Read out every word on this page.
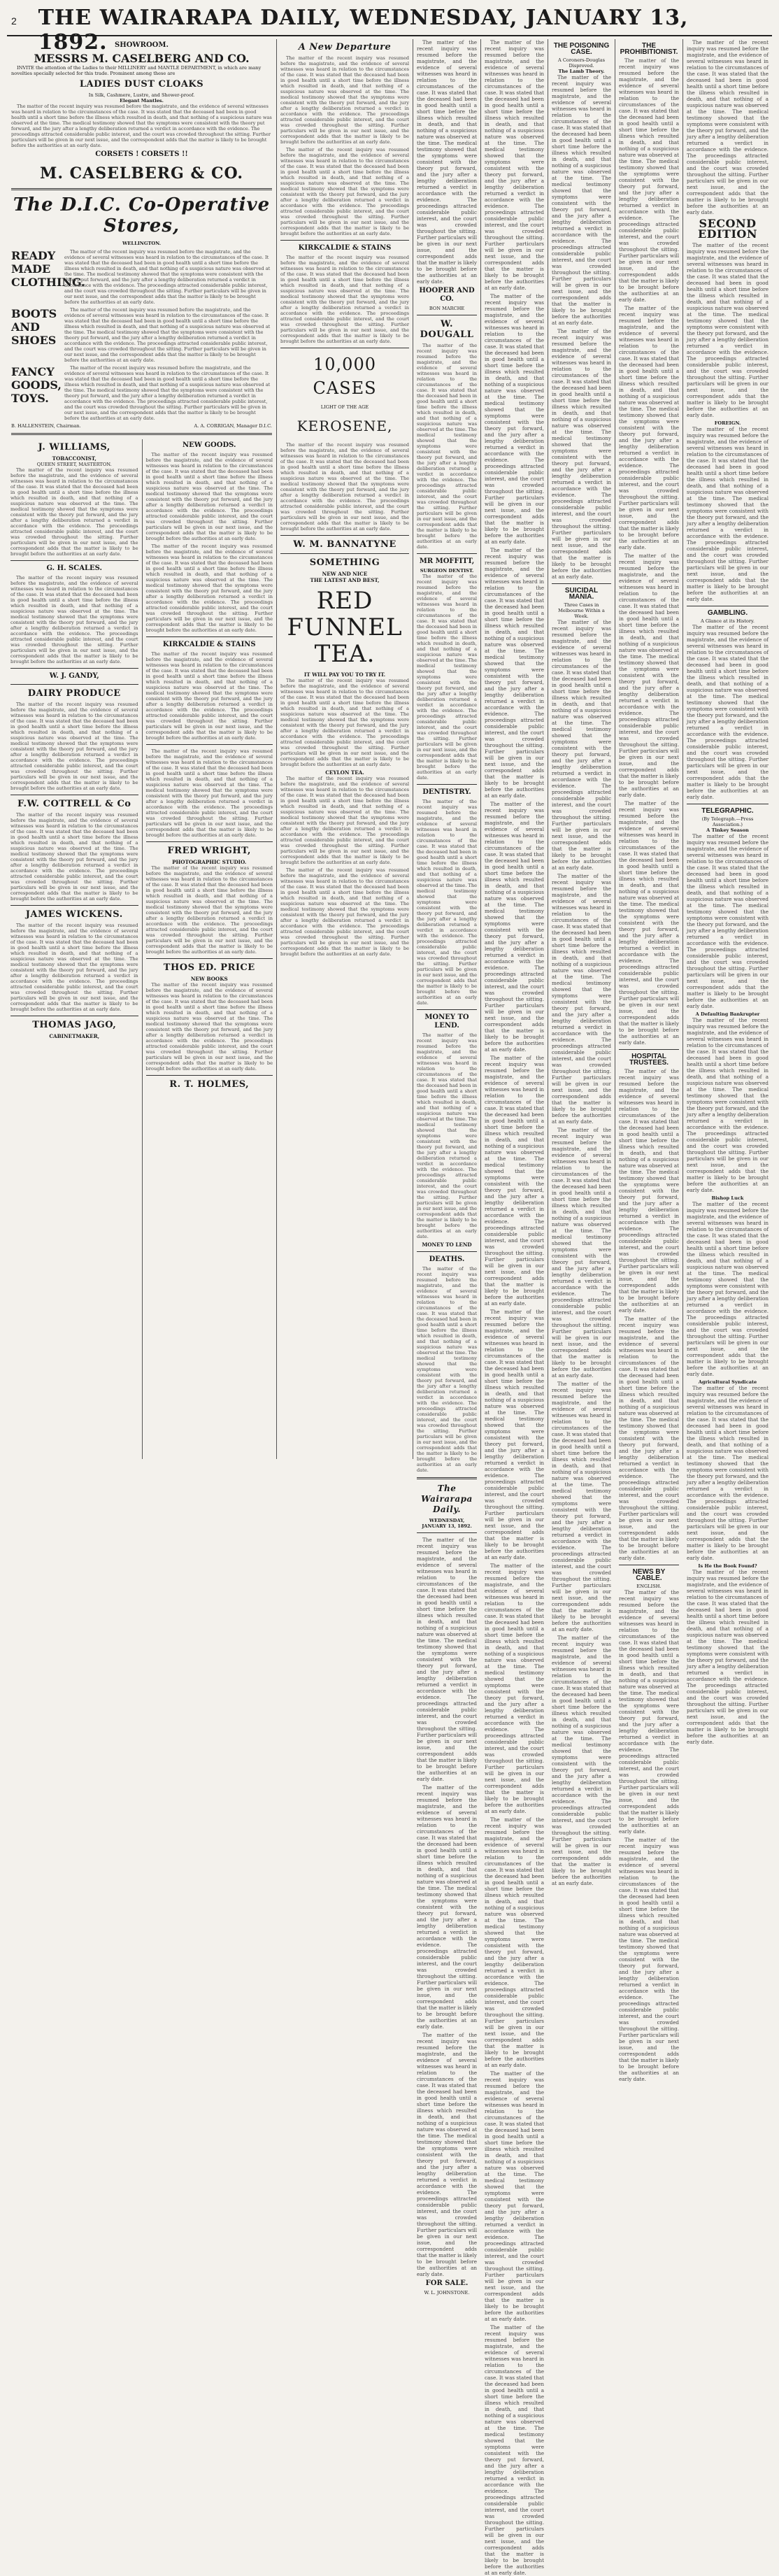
2	THE WAIRARAPA DAILY, WEDNESDAY, JANUARY 13, 1892.	SHOWROOM.
MESSRS M. CASELBERG AND CO.

INVITE the attention of the Ladies to their MILLINERY and MANTLE DEPARTMENT, in which are many novelties specially selected for this trade. Prominent among these are

LADIES DUST CLOAKS
In Silk, Cashmere, Lustre, and Shower-proof.
Elegant Mantles.

The matter of the recent inquiry was resumed before the magistrate, and the evidence of several witnesses was heard in relation to the circumstances of the case. It was stated that the deceased had been in good health until a short time before the illness which resulted in death, and that nothing of a suspicious nature was observed at the time. The medical testimony showed that the symptoms were consistent with the theory put forward, and the jury after a lengthy deliberation returned a verdict in accordance with the evidence. The proceedings attracted considerable public interest, and the court was crowded throughout the sitting. Further particulars will be given in our next issue, and the correspondent adds that the matter is likely to be brought before the authorities at an early date.

CORSETS ! CORSETS !!
M. CASELBERG & CO.
The D.I.C. Co-Operative Stores,
WELLINGTON.
READY MADE CLOTHING.

The matter of the recent inquiry was resumed before the magistrate, and the evidence of several witnesses was heard in relation to the circumstances of the case. It was stated that the deceased had been in good health until a short time before the illness which resulted in death, and that nothing of a suspicious nature was observed at the time. The medical testimony showed that the symptoms were consistent with the theory put forward, and the jury after a lengthy deliberation returned a verdict in accordance with the evidence. The proceedings attracted considerable public interest, and the court was crowded throughout the sitting. Further particulars will be given in our next issue, and the correspondent adds that the matter is likely to be brought before the authorities at an early date.

BOOTS AND SHOES

The matter of the recent inquiry was resumed before the magistrate, and the evidence of several witnesses was heard in relation to the circumstances of the case. It was stated that the deceased had been in good health until a short time before the illness which resulted in death, and that nothing of a suspicious nature was observed at the time. The medical testimony showed that the symptoms were consistent with the theory put forward, and the jury after a lengthy deliberation returned a verdict in accordance with the evidence. The proceedings attracted considerable public interest, and the court was crowded throughout the sitting. Further particulars will be given in our next issue, and the correspondent adds that the matter is likely to be brought before the authorities at an early date.

FANCY GOODS, TOYS.

The matter of the recent inquiry was resumed before the magistrate, and the evidence of several witnesses was heard in relation to the circumstances of the case. It was stated that the deceased had been in good health until a short time before the illness which resulted in death, and that nothing of a suspicious nature was observed at the time. The medical testimony showed that the symptoms were consistent with the theory put forward, and the jury after a lengthy deliberation returned a verdict in accordance with the evidence. The proceedings attracted considerable public interest, and the court was crowded throughout the sitting. Further particulars will be given in our next issue, and the correspondent adds that the matter is likely to be brought before the authorities at an early date.

B. HALLENSTEIN, Chairman.	A. A. CORRIGAN, Manager D.I.C.
J. WILLIAMS,
TOBACCONIST,
QUEEN STREET, MASTERTON.

The matter of the recent inquiry was resumed before the magistrate, and the evidence of several witnesses was heard in relation to the circumstances of the case. It was stated that the deceased had been in good health until a short time before the illness which resulted in death, and that nothing of a suspicious nature was observed at the time. The medical testimony showed that the symptoms were consistent with the theory put forward, and the jury after a lengthy deliberation returned a verdict in accordance with the evidence. The proceedings attracted considerable public interest, and the court was crowded throughout the sitting. Further particulars will be given in our next issue, and the correspondent adds that the matter is likely to be brought before the authorities at an early date.

G. H. SCALES.

The matter of the recent inquiry was resumed before the magistrate, and the evidence of several witnesses was heard in relation to the circumstances of the case. It was stated that the deceased had been in good health until a short time before the illness which resulted in death, and that nothing of a suspicious nature was observed at the time. The medical testimony showed that the symptoms were consistent with the theory put forward, and the jury after a lengthy deliberation returned a verdict in accordance with the evidence. The proceedings attracted considerable public interest, and the court was crowded throughout the sitting. Further particulars will be given in our next issue, and the correspondent adds that the matter is likely to be brought before the authorities at an early date.

W. J. GANDY,
DAIRY PRODUCE

The matter of the recent inquiry was resumed before the magistrate, and the evidence of several witnesses was heard in relation to the circumstances of the case. It was stated that the deceased had been in good health until a short time before the illness which resulted in death, and that nothing of a suspicious nature was observed at the time. The medical testimony showed that the symptoms were consistent with the theory put forward, and the jury after a lengthy deliberation returned a verdict in accordance with the evidence. The proceedings attracted considerable public interest, and the court was crowded throughout the sitting. Further particulars will be given in our next issue, and the correspondent adds that the matter is likely to be brought before the authorities at an early date.

F.W. COTTRELL & Co

The matter of the recent inquiry was resumed before the magistrate, and the evidence of several witnesses was heard in relation to the circumstances of the case. It was stated that the deceased had been in good health until a short time before the illness which resulted in death, and that nothing of a suspicious nature was observed at the time. The medical testimony showed that the symptoms were consistent with the theory put forward, and the jury after a lengthy deliberation returned a verdict in accordance with the evidence. The proceedings attracted considerable public interest, and the court was crowded throughout the sitting. Further particulars will be given in our next issue, and the correspondent adds that the matter is likely to be brought before the authorities at an early date.

JAMES WICKENS.

The matter of the recent inquiry was resumed before the magistrate, and the evidence of several witnesses was heard in relation to the circumstances of the case. It was stated that the deceased had been in good health until a short time before the illness which resulted in death, and that nothing of a suspicious nature was observed at the time. The medical testimony showed that the symptoms were consistent with the theory put forward, and the jury after a lengthy deliberation returned a verdict in accordance with the evidence. The proceedings attracted considerable public interest, and the court was crowded throughout the sitting. Further particulars will be given in our next issue, and the correspondent adds that the matter is likely to be brought before the authorities at an early date.

THOMAS JAGO,
CABINETMAKER,
NEW GOODS.

The matter of the recent inquiry was resumed before the magistrate, and the evidence of several witnesses was heard in relation to the circumstances of the case. It was stated that the deceased had been in good health until a short time before the illness which resulted in death, and that nothing of a suspicious nature was observed at the time. The medical testimony showed that the symptoms were consistent with the theory put forward, and the jury after a lengthy deliberation returned a verdict in accordance with the evidence. The proceedings attracted considerable public interest, and the court was crowded throughout the sitting. Further particulars will be given in our next issue, and the correspondent adds that the matter is likely to be brought before the authorities at an early date.

The matter of the recent inquiry was resumed before the magistrate, and the evidence of several witnesses was heard in relation to the circumstances of the case. It was stated that the deceased had been in good health until a short time before the illness which resulted in death, and that nothing of a suspicious nature was observed at the time. The medical testimony showed that the symptoms were consistent with the theory put forward, and the jury after a lengthy deliberation returned a verdict in accordance with the evidence. The proceedings attracted considerable public interest, and the court was crowded throughout the sitting. Further particulars will be given in our next issue, and the correspondent adds that the matter is likely to be brought before the authorities at an early date.

KIRKCALDIE & STAINS

The matter of the recent inquiry was resumed before the magistrate, and the evidence of several witnesses was heard in relation to the circumstances of the case. It was stated that the deceased had been in good health until a short time before the illness which resulted in death, and that nothing of a suspicious nature was observed at the time. The medical testimony showed that the symptoms were consistent with the theory put forward, and the jury after a lengthy deliberation returned a verdict in accordance with the evidence. The proceedings attracted considerable public interest, and the court was crowded throughout the sitting. Further particulars will be given in our next issue, and the correspondent adds that the matter is likely to be brought before the authorities at an early date.

The matter of the recent inquiry was resumed before the magistrate, and the evidence of several witnesses was heard in relation to the circumstances of the case. It was stated that the deceased had been in good health until a short time before the illness which resulted in death, and that nothing of a suspicious nature was observed at the time. The medical testimony showed that the symptoms were consistent with the theory put forward, and the jury after a lengthy deliberation returned a verdict in accordance with the evidence. The proceedings attracted considerable public interest, and the court was crowded throughout the sitting. Further particulars will be given in our next issue, and the correspondent adds that the matter is likely to be brought before the authorities at an early date.

FRED WRIGHT,
PHOTOGRAPHIC STUDIO.

The matter of the recent inquiry was resumed before the magistrate, and the evidence of several witnesses was heard in relation to the circumstances of the case. It was stated that the deceased had been in good health until a short time before the illness which resulted in death, and that nothing of a suspicious nature was observed at the time. The medical testimony showed that the symptoms were consistent with the theory put forward, and the jury after a lengthy deliberation returned a verdict in accordance with the evidence. The proceedings attracted considerable public interest, and the court was crowded throughout the sitting. Further particulars will be given in our next issue, and the correspondent adds that the matter is likely to be brought before the authorities at an early date.

THOS ED. PRICE
NEW BOOKS

The matter of the recent inquiry was resumed before the magistrate, and the evidence of several witnesses was heard in relation to the circumstances of the case. It was stated that the deceased had been in good health until a short time before the illness which resulted in death, and that nothing of a suspicious nature was observed at the time. The medical testimony showed that the symptoms were consistent with the theory put forward, and the jury after a lengthy deliberation returned a verdict in accordance with the evidence. The proceedings attracted considerable public interest, and the court was crowded throughout the sitting. Further particulars will be given in our next issue, and the correspondent adds that the matter is likely to be brought before the authorities at an early date.

R. T. HOLMES,
A New Departure

The matter of the recent inquiry was resumed before the magistrate, and the evidence of several witnesses was heard in relation to the circumstances of the case. It was stated that the deceased had been in good health until a short time before the illness which resulted in death, and that nothing of a suspicious nature was observed at the time. The medical testimony showed that the symptoms were consistent with the theory put forward, and the jury after a lengthy deliberation returned a verdict in accordance with the evidence. The proceedings attracted considerable public interest, and the court was crowded throughout the sitting. Further particulars will be given in our next issue, and the correspondent adds that the matter is likely to be brought before the authorities at an early date.

The matter of the recent inquiry was resumed before the magistrate, and the evidence of several witnesses was heard in relation to the circumstances of the case. It was stated that the deceased had been in good health until a short time before the illness which resulted in death, and that nothing of a suspicious nature was observed at the time. The medical testimony showed that the symptoms were consistent with the theory put forward, and the jury after a lengthy deliberation returned a verdict in accordance with the evidence. The proceedings attracted considerable public interest, and the court was crowded throughout the sitting. Further particulars will be given in our next issue, and the correspondent adds that the matter is likely to be brought before the authorities at an early date.

KIRKCALDIE & STAINS

The matter of the recent inquiry was resumed before the magistrate, and the evidence of several witnesses was heard in relation to the circumstances of the case. It was stated that the deceased had been in good health until a short time before the illness which resulted in death, and that nothing of a suspicious nature was observed at the time. The medical testimony showed that the symptoms were consistent with the theory put forward, and the jury after a lengthy deliberation returned a verdict in accordance with the evidence. The proceedings attracted considerable public interest, and the court was crowded throughout the sitting. Further particulars will be given in our next issue, and the correspondent adds that the matter is likely to be brought before the authorities at an early date.

10,000 CASES
LIGHT OF THE AGE
KEROSENE,

The matter of the recent inquiry was resumed before the magistrate, and the evidence of several witnesses was heard in relation to the circumstances of the case. It was stated that the deceased had been in good health until a short time before the illness which resulted in death, and that nothing of a suspicious nature was observed at the time. The medical testimony showed that the symptoms were consistent with the theory put forward, and the jury after a lengthy deliberation returned a verdict in accordance with the evidence. The proceedings attracted considerable public interest, and the court was crowded throughout the sitting. Further particulars will be given in our next issue, and the correspondent adds that the matter is likely to be brought before the authorities at an early date.

W. M. BANNATYNE
SOMETHING
NEW AND NICE
THE LATEST AND BEST,
RED FUNNEL TEA.
IT WILL PAY YOU TO TRY IT.

The matter of the recent inquiry was resumed before the magistrate, and the evidence of several witnesses was heard in relation to the circumstances of the case. It was stated that the deceased had been in good health until a short time before the illness which resulted in death, and that nothing of a suspicious nature was observed at the time. The medical testimony showed that the symptoms were consistent with the theory put forward, and the jury after a lengthy deliberation returned a verdict in accordance with the evidence. The proceedings attracted considerable public interest, and the court was crowded throughout the sitting. Further particulars will be given in our next issue, and the correspondent adds that the matter is likely to be brought before the authorities at an early date.

CEYLON TEA.

The matter of the recent inquiry was resumed before the magistrate, and the evidence of several witnesses was heard in relation to the circumstances of the case. It was stated that the deceased had been in good health until a short time before the illness which resulted in death, and that nothing of a suspicious nature was observed at the time. The medical testimony showed that the symptoms were consistent with the theory put forward, and the jury after a lengthy deliberation returned a verdict in accordance with the evidence. The proceedings attracted considerable public interest, and the court was crowded throughout the sitting. Further particulars will be given in our next issue, and the correspondent adds that the matter is likely to be brought before the authorities at an early date.

The matter of the recent inquiry was resumed before the magistrate, and the evidence of several witnesses was heard in relation to the circumstances of the case. It was stated that the deceased had been in good health until a short time before the illness which resulted in death, and that nothing of a suspicious nature was observed at the time. The medical testimony showed that the symptoms were consistent with the theory put forward, and the jury after a lengthy deliberation returned a verdict in accordance with the evidence. The proceedings attracted considerable public interest, and the court was crowded throughout the sitting. Further particulars will be given in our next issue, and the correspondent adds that the matter is likely to be brought before the authorities at an early date.

The matter of the recent inquiry was resumed before the magistrate, and the evidence of several witnesses was heard in relation to the circumstances of the case. It was stated that the deceased had been in good health until a short time before the illness which resulted in death, and that nothing of a suspicious nature was observed at the time. The medical testimony showed that the symptoms were consistent with the theory put forward, and the jury after a lengthy deliberation returned a verdict in accordance with the evidence. The proceedings attracted considerable public interest, and the court was crowded throughout the sitting. Further particulars will be given in our next issue, and the correspondent adds that the matter is likely to be brought before the authorities at an early date.

HOOPER AND CO.
BON MARCHE
W. DOUGALL

The matter of the recent inquiry was resumed before the magistrate, and the evidence of several witnesses was heard in relation to the circumstances of the case. It was stated that the deceased had been in good health until a short time before the illness which resulted in death, and that nothing of a suspicious nature was observed at the time. The medical testimony showed that the symptoms were consistent with the theory put forward, and the jury after a lengthy deliberation returned a verdict in accordance with the evidence. The proceedings attracted considerable public interest, and the court was crowded throughout the sitting. Further particulars will be given in our next issue, and the correspondent adds that the matter is likely to be brought before the authorities at an early date.

MR MOFFITT,
SURGEON DENTIST.

The matter of the recent inquiry was resumed before the magistrate, and the evidence of several witnesses was heard in relation to the circumstances of the case. It was stated that the deceased had been in good health until a short time before the illness which resulted in death, and that nothing of a suspicious nature was observed at the time. The medical testimony showed that the symptoms were consistent with the theory put forward, and the jury after a lengthy deliberation returned a verdict in accordance with the evidence. The proceedings attracted considerable public interest, and the court was crowded throughout the sitting. Further particulars will be given in our next issue, and the correspondent adds that the matter is likely to be brought before the authorities at an early date.

DENTISTRY.

The matter of the recent inquiry was resumed before the magistrate, and the evidence of several witnesses was heard in relation to the circumstances of the case. It was stated that the deceased had been in good health until a short time before the illness which resulted in death, and that nothing of a suspicious nature was observed at the time. The medical testimony showed that the symptoms were consistent with the theory put forward, and the jury after a lengthy deliberation returned a verdict in accordance with the evidence. The proceedings attracted considerable public interest, and the court was crowded throughout the sitting. Further particulars will be given in our next issue, and the correspondent adds that the matter is likely to be brought before the authorities at an early date.

MONEY TO LEND.

The matter of the recent inquiry was resumed before the magistrate, and the evidence of several witnesses was heard in relation to the circumstances of the case. It was stated that the deceased had been in good health until a short time before the illness which resulted in death, and that nothing of a suspicious nature was observed at the time. The medical testimony showed that the symptoms were consistent with the theory put forward, and the jury after a lengthy deliberation returned a verdict in accordance with the evidence. The proceedings attracted considerable public interest, and the court was crowded throughout the sitting. Further particulars will be given in our next issue, and the correspondent adds that the matter is likely to be brought before the authorities at an early date.

MONEY TO LEND
DEATHS.

The matter of the recent inquiry was resumed before the magistrate, and the evidence of several witnesses was heard in relation to the circumstances of the case. It was stated that the deceased had been in good health until a short time before the illness which resulted in death, and that nothing of a suspicious nature was observed at the time. The medical testimony showed that the symptoms were consistent with the theory put forward, and the jury after a lengthy deliberation returned a verdict in accordance with the evidence. The proceedings attracted considerable public interest, and the court was crowded throughout the sitting. Further particulars will be given in our next issue, and the correspondent adds that the matter is likely to be brought before the authorities at an early date.

The Wairarapa Daily.
WEDNESDAY, JANUARY 13, 1892.

The matter of the recent inquiry was resumed before the magistrate, and the evidence of several witnesses was heard in relation to the circumstances of the case. It was stated that the deceased had been in good health until a short time before the illness which resulted in death, and that nothing of a suspicious nature was observed at the time. The medical testimony showed that the symptoms were consistent with the theory put forward, and the jury after a lengthy deliberation returned a verdict in accordance with the evidence. The proceedings attracted considerable public interest, and the court was crowded throughout the sitting. Further particulars will be given in our next issue, and the correspondent adds that the matter is likely to be brought before the authorities at an early date.

The matter of the recent inquiry was resumed before the magistrate, and the evidence of several witnesses was heard in relation to the circumstances of the case. It was stated that the deceased had been in good health until a short time before the illness which resulted in death, and that nothing of a suspicious nature was observed at the time. The medical testimony showed that the symptoms were consistent with the theory put forward, and the jury after a lengthy deliberation returned a verdict in accordance with the evidence. The proceedings attracted considerable public interest, and the court was crowded throughout the sitting. Further particulars will be given in our next issue, and the correspondent adds that the matter is likely to be brought before the authorities at an early date.

The matter of the recent inquiry was resumed before the magistrate, and the evidence of several witnesses was heard in relation to the circumstances of the case. It was stated that the deceased had been in good health until a short time before the illness which resulted in death, and that nothing of a suspicious nature was observed at the time. The medical testimony showed that the symptoms were consistent with the theory put forward, and the jury after a lengthy deliberation returned a verdict in accordance with the evidence. The proceedings attracted considerable public interest, and the court was crowded throughout the sitting. Further particulars will be given in our next issue, and the correspondent adds that the matter is likely to be brought before the authorities at an early date.

FOR SALE.
W. L. JOHNSTONE.

The matter of the recent inquiry was resumed before the magistrate, and the evidence of several witnesses was heard in relation to the circumstances of the case. It was stated that the deceased had been in good health until a short time before the illness which resulted in death, and that nothing of a suspicious nature was observed at the time. The medical testimony showed that the symptoms were consistent with the theory put forward, and the jury after a lengthy deliberation returned a verdict in accordance with the evidence. The proceedings attracted considerable public interest, and the court was crowded throughout the sitting. Further particulars will be given in our next issue, and the correspondent adds that the matter is likely to be brought before the authorities at an early date.

The matter of the recent inquiry was resumed before the magistrate, and the evidence of several witnesses was heard in relation to the circumstances of the case. It was stated that the deceased had been in good health until a short time before the illness which resulted in death, and that nothing of a suspicious nature was observed at the time. The medical testimony showed that the symptoms were consistent with the theory put forward, and the jury after a lengthy deliberation returned a verdict in accordance with the evidence. The proceedings attracted considerable public interest, and the court was crowded throughout the sitting. Further particulars will be given in our next issue, and the correspondent adds that the matter is likely to be brought before the authorities at an early date.

The matter of the recent inquiry was resumed before the magistrate, and the evidence of several witnesses was heard in relation to the circumstances of the case. It was stated that the deceased had been in good health until a short time before the illness which resulted in death, and that nothing of a suspicious nature was observed at the time. The medical testimony showed that the symptoms were consistent with the theory put forward, and the jury after a lengthy deliberation returned a verdict in accordance with the evidence. The proceedings attracted considerable public interest, and the court was crowded throughout the sitting. Further particulars will be given in our next issue, and the correspondent adds that the matter is likely to be brought before the authorities at an early date.

The matter of the recent inquiry was resumed before the magistrate, and the evidence of several witnesses was heard in relation to the circumstances of the case. It was stated that the deceased had been in good health until a short time before the illness which resulted in death, and that nothing of a suspicious nature was observed at the time. The medical testimony showed that the symptoms were consistent with the theory put forward, and the jury after a lengthy deliberation returned a verdict in accordance with the evidence. The proceedings attracted considerable public interest, and the court was crowded throughout the sitting. Further particulars will be given in our next issue, and the correspondent adds that the matter is likely to be brought before the authorities at an early date.

The matter of the recent inquiry was resumed before the magistrate, and the evidence of several witnesses was heard in relation to the circumstances of the case. It was stated that the deceased had been in good health until a short time before the illness which resulted in death, and that nothing of a suspicious nature was observed at the time. The medical testimony showed that the symptoms were consistent with the theory put forward, and the jury after a lengthy deliberation returned a verdict in accordance with the evidence. The proceedings attracted considerable public interest, and the court was crowded throughout the sitting. Further particulars will be given in our next issue, and the correspondent adds that the matter is likely to be brought before the authorities at an early date.

The matter of the recent inquiry was resumed before the magistrate, and the evidence of several witnesses was heard in relation to the circumstances of the case. It was stated that the deceased had been in good health until a short time before the illness which resulted in death, and that nothing of a suspicious nature was observed at the time. The medical testimony showed that the symptoms were consistent with the theory put forward, and the jury after a lengthy deliberation returned a verdict in accordance with the evidence. The proceedings attracted considerable public interest, and the court was crowded throughout the sitting. Further particulars will be given in our next issue, and the correspondent adds that the matter is likely to be brought before the authorities at an early date.

The matter of the recent inquiry was resumed before the magistrate, and the evidence of several witnesses was heard in relation to the circumstances of the case. It was stated that the deceased had been in good health until a short time before the illness which resulted in death, and that nothing of a suspicious nature was observed at the time. The medical testimony showed that the symptoms were consistent with the theory put forward, and the jury after a lengthy deliberation returned a verdict in accordance with the evidence. The proceedings attracted considerable public interest, and the court was crowded throughout the sitting. Further particulars will be given in our next issue, and the correspondent adds that the matter is likely to be brought before the authorities at an early date.

The matter of the recent inquiry was resumed before the magistrate, and the evidence of several witnesses was heard in relation to the circumstances of the case. It was stated that the deceased had been in good health until a short time before the illness which resulted in death, and that nothing of a suspicious nature was observed at the time. The medical testimony showed that the symptoms were consistent with the theory put forward, and the jury after a lengthy deliberation returned a verdict in accordance with the evidence. The proceedings attracted considerable public interest, and the court was crowded throughout the sitting. Further particulars will be given in our next issue, and the correspondent adds that the matter is likely to be brought before the authorities at an early date.

The matter of the recent inquiry was resumed before the magistrate, and the evidence of several witnesses was heard in relation to the circumstances of the case. It was stated that the deceased had been in good health until a short time before the illness which resulted in death, and that nothing of a suspicious nature was observed at the time. The medical testimony showed that the symptoms were consistent with the theory put forward, and the jury after a lengthy deliberation returned a verdict in accordance with the evidence. The proceedings attracted considerable public interest, and the court was crowded throughout the sitting. Further particulars will be given in our next issue, and the correspondent adds that the matter is likely to be brought before the authorities at an early date.

The matter of the recent inquiry was resumed before the magistrate, and the evidence of several witnesses was heard in relation to the circumstances of the case. It was stated that the deceased had been in good health until a short time before the illness which resulted in death, and that nothing of a suspicious nature was observed at the time. The medical testimony showed that the symptoms were consistent with the theory put forward, and the jury after a lengthy deliberation returned a verdict in accordance with the evidence. The proceedings attracted considerable public interest, and the court was crowded throughout the sitting. Further particulars will be given in our next issue, and the correspondent adds that the matter is likely to be brought before the authorities at an early date.

THE POISONING CASE.
A Coroners-Douglas Disproved.
The Lamb Theory.

The matter of the recent inquiry was resumed before the magistrate, and the evidence of several witnesses was heard in relation to the circumstances of the case. It was stated that the deceased had been in good health until a short time before the illness which resulted in death, and that nothing of a suspicious nature was observed at the time. The medical testimony showed that the symptoms were consistent with the theory put forward, and the jury after a lengthy deliberation returned a verdict in accordance with the evidence. The proceedings attracted considerable public interest, and the court was crowded throughout the sitting. Further particulars will be given in our next issue, and the correspondent adds that the matter is likely to be brought before the authorities at an early date.

The matter of the recent inquiry was resumed before the magistrate, and the evidence of several witnesses was heard in relation to the circumstances of the case. It was stated that the deceased had been in good health until a short time before the illness which resulted in death, and that nothing of a suspicious nature was observed at the time. The medical testimony showed that the symptoms were consistent with the theory put forward, and the jury after a lengthy deliberation returned a verdict in accordance with the evidence. The proceedings attracted considerable public interest, and the court was crowded throughout the sitting. Further particulars will be given in our next issue, and the correspondent adds that the matter is likely to be brought before the authorities at an early date.

SUICIDAL MANIA.
Three Cases in Melbourne Within a Week.

The matter of the recent inquiry was resumed before the magistrate, and the evidence of several witnesses was heard in relation to the circumstances of the case. It was stated that the deceased had been in good health until a short time before the illness which resulted in death, and that nothing of a suspicious nature was observed at the time. The medical testimony showed that the symptoms were consistent with the theory put forward, and the jury after a lengthy deliberation returned a verdict in accordance with the evidence. The proceedings attracted considerable public interest, and the court was crowded throughout the sitting. Further particulars will be given in our next issue, and the correspondent adds that the matter is likely to be brought before the authorities at an early date.

The matter of the recent inquiry was resumed before the magistrate, and the evidence of several witnesses was heard in relation to the circumstances of the case. It was stated that the deceased had been in good health until a short time before the illness which resulted in death, and that nothing of a suspicious nature was observed at the time. The medical testimony showed that the symptoms were consistent with the theory put forward, and the jury after a lengthy deliberation returned a verdict in accordance with the evidence. The proceedings attracted considerable public interest, and the court was crowded throughout the sitting. Further particulars will be given in our next issue, and the correspondent adds that the matter is likely to be brought before the authorities at an early date.

The matter of the recent inquiry was resumed before the magistrate, and the evidence of several witnesses was heard in relation to the circumstances of the case. It was stated that the deceased had been in good health until a short time before the illness which resulted in death, and that nothing of a suspicious nature was observed at the time. The medical testimony showed that the symptoms were consistent with the theory put forward, and the jury after a lengthy deliberation returned a verdict in accordance with the evidence. The proceedings attracted considerable public interest, and the court was crowded throughout the sitting. Further particulars will be given in our next issue, and the correspondent adds that the matter is likely to be brought before the authorities at an early date.

The matter of the recent inquiry was resumed before the magistrate, and the evidence of several witnesses was heard in relation to the circumstances of the case. It was stated that the deceased had been in good health until a short time before the illness which resulted in death, and that nothing of a suspicious nature was observed at the time. The medical testimony showed that the symptoms were consistent with the theory put forward, and the jury after a lengthy deliberation returned a verdict in accordance with the evidence. The proceedings attracted considerable public interest, and the court was crowded throughout the sitting. Further particulars will be given in our next issue, and the correspondent adds that the matter is likely to be brought before the authorities at an early date.

The matter of the recent inquiry was resumed before the magistrate, and the evidence of several witnesses was heard in relation to the circumstances of the case. It was stated that the deceased had been in good health until a short time before the illness which resulted in death, and that nothing of a suspicious nature was observed at the time. The medical testimony showed that the symptoms were consistent with the theory put forward, and the jury after a lengthy deliberation returned a verdict in accordance with the evidence. The proceedings attracted considerable public interest, and the court was crowded throughout the sitting. Further particulars will be given in our next issue, and the correspondent adds that the matter is likely to be brought before the authorities at an early date.

THE PROHIBITIONIST.

The matter of the recent inquiry was resumed before the magistrate, and the evidence of several witnesses was heard in relation to the circumstances of the case. It was stated that the deceased had been in good health until a short time before the illness which resulted in death, and that nothing of a suspicious nature was observed at the time. The medical testimony showed that the symptoms were consistent with the theory put forward, and the jury after a lengthy deliberation returned a verdict in accordance with the evidence. The proceedings attracted considerable public interest, and the court was crowded throughout the sitting. Further particulars will be given in our next issue, and the correspondent adds that the matter is likely to be brought before the authorities at an early date.

The matter of the recent inquiry was resumed before the magistrate, and the evidence of several witnesses was heard in relation to the circumstances of the case. It was stated that the deceased had been in good health until a short time before the illness which resulted in death, and that nothing of a suspicious nature was observed at the time. The medical testimony showed that the symptoms were consistent with the theory put forward, and the jury after a lengthy deliberation returned a verdict in accordance with the evidence. The proceedings attracted considerable public interest, and the court was crowded throughout the sitting. Further particulars will be given in our next issue, and the correspondent adds that the matter is likely to be brought before the authorities at an early date.

The matter of the recent inquiry was resumed before the magistrate, and the evidence of several witnesses was heard in relation to the circumstances of the case. It was stated that the deceased had been in good health until a short time before the illness which resulted in death, and that nothing of a suspicious nature was observed at the time. The medical testimony showed that the symptoms were consistent with the theory put forward, and the jury after a lengthy deliberation returned a verdict in accordance with the evidence. The proceedings attracted considerable public interest, and the court was crowded throughout the sitting. Further particulars will be given in our next issue, and the correspondent adds that the matter is likely to be brought before the authorities at an early date.

The matter of the recent inquiry was resumed before the magistrate, and the evidence of several witnesses was heard in relation to the circumstances of the case. It was stated that the deceased had been in good health until a short time before the illness which resulted in death, and that nothing of a suspicious nature was observed at the time. The medical testimony showed that the symptoms were consistent with the theory put forward, and the jury after a lengthy deliberation returned a verdict in accordance with the evidence. The proceedings attracted considerable public interest, and the court was crowded throughout the sitting. Further particulars will be given in our next issue, and the correspondent adds that the matter is likely to be brought before the authorities at an early date.

HOSPITAL TRUSTEES.

The matter of the recent inquiry was resumed before the magistrate, and the evidence of several witnesses was heard in relation to the circumstances of the case. It was stated that the deceased had been in good health until a short time before the illness which resulted in death, and that nothing of a suspicious nature was observed at the time. The medical testimony showed that the symptoms were consistent with the theory put forward, and the jury after a lengthy deliberation returned a verdict in accordance with the evidence. The proceedings attracted considerable public interest, and the court was crowded throughout the sitting. Further particulars will be given in our next issue, and the correspondent adds that the matter is likely to be brought before the authorities at an early date.

The matter of the recent inquiry was resumed before the magistrate, and the evidence of several witnesses was heard in relation to the circumstances of the case. It was stated that the deceased had been in good health until a short time before the illness which resulted in death, and that nothing of a suspicious nature was observed at the time. The medical testimony showed that the symptoms were consistent with the theory put forward, and the jury after a lengthy deliberation returned a verdict in accordance with the evidence. The proceedings attracted considerable public interest, and the court was crowded throughout the sitting. Further particulars will be given in our next issue, and the correspondent adds that the matter is likely to be brought before the authorities at an early date.

NEWS BY CABLE.
ENGLISH.

The matter of the recent inquiry was resumed before the magistrate, and the evidence of several witnesses was heard in relation to the circumstances of the case. It was stated that the deceased had been in good health until a short time before the illness which resulted in death, and that nothing of a suspicious nature was observed at the time. The medical testimony showed that the symptoms were consistent with the theory put forward, and the jury after a lengthy deliberation returned a verdict in accordance with the evidence. The proceedings attracted considerable public interest, and the court was crowded throughout the sitting. Further particulars will be given in our next issue, and the correspondent adds that the matter is likely to be brought before the authorities at an early date.

The matter of the recent inquiry was resumed before the magistrate, and the evidence of several witnesses was heard in relation to the circumstances of the case. It was stated that the deceased had been in good health until a short time before the illness which resulted in death, and that nothing of a suspicious nature was observed at the time. The medical testimony showed that the symptoms were consistent with the theory put forward, and the jury after a lengthy deliberation returned a verdict in accordance with the evidence. The proceedings attracted considerable public interest, and the court was crowded throughout the sitting. Further particulars will be given in our next issue, and the correspondent adds that the matter is likely to be brought before the authorities at an early date.

The matter of the recent inquiry was resumed before the magistrate, and the evidence of several witnesses was heard in relation to the circumstances of the case. It was stated that the deceased had been in good health until a short time before the illness which resulted in death, and that nothing of a suspicious nature was observed at the time. The medical testimony showed that the symptoms were consistent with the theory put forward, and the jury after a lengthy deliberation returned a verdict in accordance with the evidence. The proceedings attracted considerable public interest, and the court was crowded throughout the sitting. Further particulars will be given in our next issue, and the correspondent adds that the matter is likely to be brought before the authorities at an early date.

SECOND EDITION

The matter of the recent inquiry was resumed before the magistrate, and the evidence of several witnesses was heard in relation to the circumstances of the case. It was stated that the deceased had been in good health until a short time before the illness which resulted in death, and that nothing of a suspicious nature was observed at the time. The medical testimony showed that the symptoms were consistent with the theory put forward, and the jury after a lengthy deliberation returned a verdict in accordance with the evidence. The proceedings attracted considerable public interest, and the court was crowded throughout the sitting. Further particulars will be given in our next issue, and the correspondent adds that the matter is likely to be brought before the authorities at an early date.

FOREIGN.

The matter of the recent inquiry was resumed before the magistrate, and the evidence of several witnesses was heard in relation to the circumstances of the case. It was stated that the deceased had been in good health until a short time before the illness which resulted in death, and that nothing of a suspicious nature was observed at the time. The medical testimony showed that the symptoms were consistent with the theory put forward, and the jury after a lengthy deliberation returned a verdict in accordance with the evidence. The proceedings attracted considerable public interest, and the court was crowded throughout the sitting. Further particulars will be given in our next issue, and the correspondent adds that the matter is likely to be brought before the authorities at an early date.

GAMBLING.
A Glance at its History.

The matter of the recent inquiry was resumed before the magistrate, and the evidence of several witnesses was heard in relation to the circumstances of the case. It was stated that the deceased had been in good health until a short time before the illness which resulted in death, and that nothing of a suspicious nature was observed at the time. The medical testimony showed that the symptoms were consistent with the theory put forward, and the jury after a lengthy deliberation returned a verdict in accordance with the evidence. The proceedings attracted considerable public interest, and the court was crowded throughout the sitting. Further particulars will be given in our next issue, and the correspondent adds that the matter is likely to be brought before the authorities at an early date.

TELEGRAPHIC.
(By Telegraph.—Press Association.)
A Tinkey Season

The matter of the recent inquiry was resumed before the magistrate, and the evidence of several witnesses was heard in relation to the circumstances of the case. It was stated that the deceased had been in good health until a short time before the illness which resulted in death, and that nothing of a suspicious nature was observed at the time. The medical testimony showed that the symptoms were consistent with the theory put forward, and the jury after a lengthy deliberation returned a verdict in accordance with the evidence. The proceedings attracted considerable public interest, and the court was crowded throughout the sitting. Further particulars will be given in our next issue, and the correspondent adds that the matter is likely to be brought before the authorities at an early date.

A Defaulting Bankrupter

The matter of the recent inquiry was resumed before the magistrate, and the evidence of several witnesses was heard in relation to the circumstances of the case. It was stated that the deceased had been in good health until a short time before the illness which resulted in death, and that nothing of a suspicious nature was observed at the time. The medical testimony showed that the symptoms were consistent with the theory put forward, and the jury after a lengthy deliberation returned a verdict in accordance with the evidence. The proceedings attracted considerable public interest, and the court was crowded throughout the sitting. Further particulars will be given in our next issue, and the correspondent adds that the matter is likely to be brought before the authorities at an early date.

Bishop Luck

The matter of the recent inquiry was resumed before the magistrate, and the evidence of several witnesses was heard in relation to the circumstances of the case. It was stated that the deceased had been in good health until a short time before the illness which resulted in death, and that nothing of a suspicious nature was observed at the time. The medical testimony showed that the symptoms were consistent with the theory put forward, and the jury after a lengthy deliberation returned a verdict in accordance with the evidence. The proceedings attracted considerable public interest, and the court was crowded throughout the sitting. Further particulars will be given in our next issue, and the correspondent adds that the matter is likely to be brought before the authorities at an early date.

Agricultural Syndicate

The matter of the recent inquiry was resumed before the magistrate, and the evidence of several witnesses was heard in relation to the circumstances of the case. It was stated that the deceased had been in good health until a short time before the illness which resulted in death, and that nothing of a suspicious nature was observed at the time. The medical testimony showed that the symptoms were consistent with the theory put forward, and the jury after a lengthy deliberation returned a verdict in accordance with the evidence. The proceedings attracted considerable public interest, and the court was crowded throughout the sitting. Further particulars will be given in our next issue, and the correspondent adds that the matter is likely to be brought before the authorities at an early date.

Is He the Book Found?

The matter of the recent inquiry was resumed before the magistrate, and the evidence of several witnesses was heard in relation to the circumstances of the case. It was stated that the deceased had been in good health until a short time before the illness which resulted in death, and that nothing of a suspicious nature was observed at the time. The medical testimony showed that the symptoms were consistent with the theory put forward, and the jury after a lengthy deliberation returned a verdict in accordance with the evidence. The proceedings attracted considerable public interest, and the court was crowded throughout the sitting. Further particulars will be given in our next issue, and the correspondent adds that the matter is likely to be brought before the authorities at an early date.
